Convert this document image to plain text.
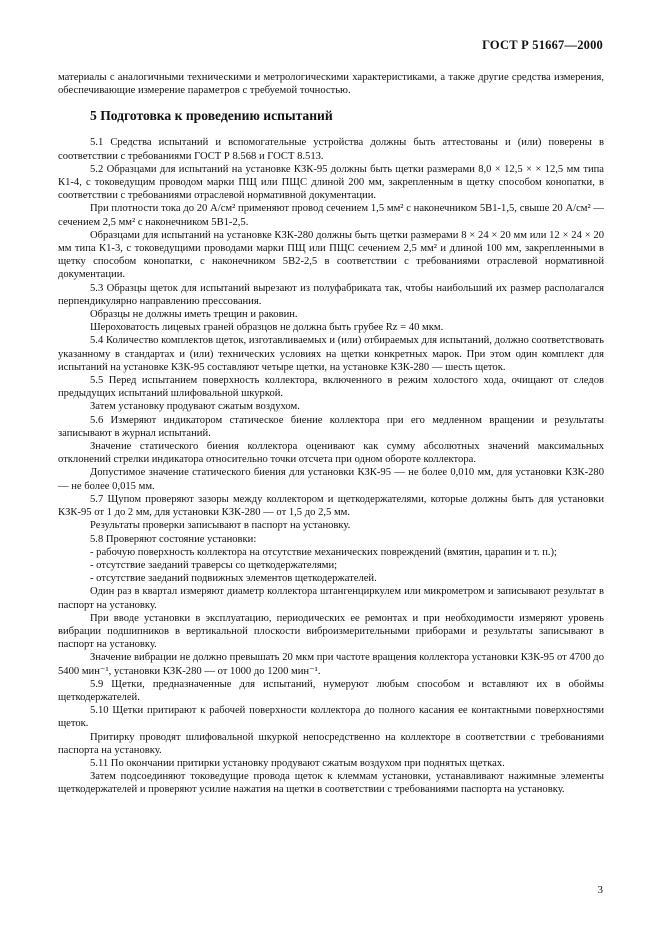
ГОСТ Р 51667—2000

материалы с аналогичными техническими и метрологическими характеристиками, а также другие средства измерения, обеспечивающие измерение параметров с требуемой точностью.

5 Подготовка к проведению испытаний

5.1 Средства испытаний и вспомогательные устройства должны быть аттестованы и (или) поверены в соответствии с требованиями ГОСТ Р 8.568 и ГОСТ 8.513.

5.2 Образцами для испытаний на установке КЗК-95 должны быть щетки размерами 8,0 × 12,5 × × 12,5 мм типа К1-4, с токоведущим проводом марки ПЩ или ПЩС длиной 200 мм, закрепленным в щетку способом конопатки, в соответствии с требованиями отраслевой нормативной документации.

При плотности тока до 20 А/см² применяют провод сечением 1,5 мм² с наконечником 5В1-1,5, свыше 20 А/см² — сечением 2,5 мм² с наконечником 5В1-2,5.

Образцами для испытаний на установке КЗК-280 должны быть щетки размерами 8 × 24 × 20 мм или 12 × 24 × 20 мм типа К1-3, с токоведущими проводами марки ПЩ или ПЩС сечением 2,5 мм² и длиной 100 мм, закрепленными в щетку способом конопатки, с наконечником 5В2-2,5 в соответствии с требованиями отраслевой нормативной документации.

5.3 Образцы щеток для испытаний вырезают из полуфабриката так, чтобы наибольший их размер располагался перпендикулярно направлению прессования.

Образцы не должны иметь трещин и раковин.

Шероховатость лицевых граней образцов не должна быть грубее Rz = 40 мкм.

5.4 Количество комплектов щеток, изготавливаемых и (или) отбираемых для испытаний, должно соответствовать указанному в стандартах и (или) технических условиях на щетки конкретных марок. При этом один комплект для испытаний на установке КЗК-95 составляют четыре щетки, на установке КЗК-280 — шесть щеток.

5.5 Перед испытанием поверхность коллектора, включенного в режим холостого хода, очищают от следов предыдущих испытаний шлифовальной шкуркой.

Затем установку продувают сжатым воздухом.

5.6 Измеряют индикатором статическое биение коллектора при его медленном вращении и результаты записывают в журнал испытаний.

Значение статического биения коллектора оценивают как сумму абсолютных значений максимальных отклонений стрелки индикатора относительно точки отсчета при одном обороте коллектора.

Допустимое значение статического биения для установки КЗК-95 — не более 0,010 мм, для установки КЗК-280 — не более 0,015 мм.

5.7 Щупом проверяют зазоры между коллектором и щеткодержателями, которые должны быть для установки КЗК-95 от 1 до 2 мм, для установки КЗК-280 — от 1,5 до 2,5 мм.

Результаты проверки записывают в паспорт на установку.

5.8 Проверяют состояние установки:

- рабочую поверхность коллектора на отсутствие механических повреждений (вмятин, царапин и т. п.);

- отсутствие заеданий траверсы со щеткодержателями;

- отсутствие заеданий подвижных элементов щеткодержателей.

Один раз в квартал измеряют диаметр коллектора штангенциркулем или микрометром и записывают результат в паспорт на установку.

При вводе установки в эксплуатацию, периодических ее ремонтах и при необходимости измеряют уровень вибрации подшипников в вертикальной плоскости виброизмерительными приборами и результаты записывают в паспорт на установку.

Значение вибрации не должно превышать 20 мкм при частоте вращения коллектора установки КЗК-95 от 4700 до 5400 мин⁻¹, установки КЗК-280 — от 1000 до 1200 мин⁻¹.

5.9 Щетки, предназначенные для испытаний, нумеруют любым способом и вставляют их в обоймы щеткодержателей.

5.10 Щетки притирают к рабочей поверхности коллектора до полного касания ее контактными поверхностями щеток.

Притирку проводят шлифовальной шкуркой непосредственно на коллекторе в соответствии с требованиями паспорта на установку.

5.11 По окончании притирки установку продувают сжатым воздухом при поднятых щетках.

Затем подсоединяют токоведущие провода щеток к клеммам установки, устанавливают нажимные элементы щеткодержателей и проверяют усилие нажатия на щетки в соответствии с требованиями паспорта на установку.

3
